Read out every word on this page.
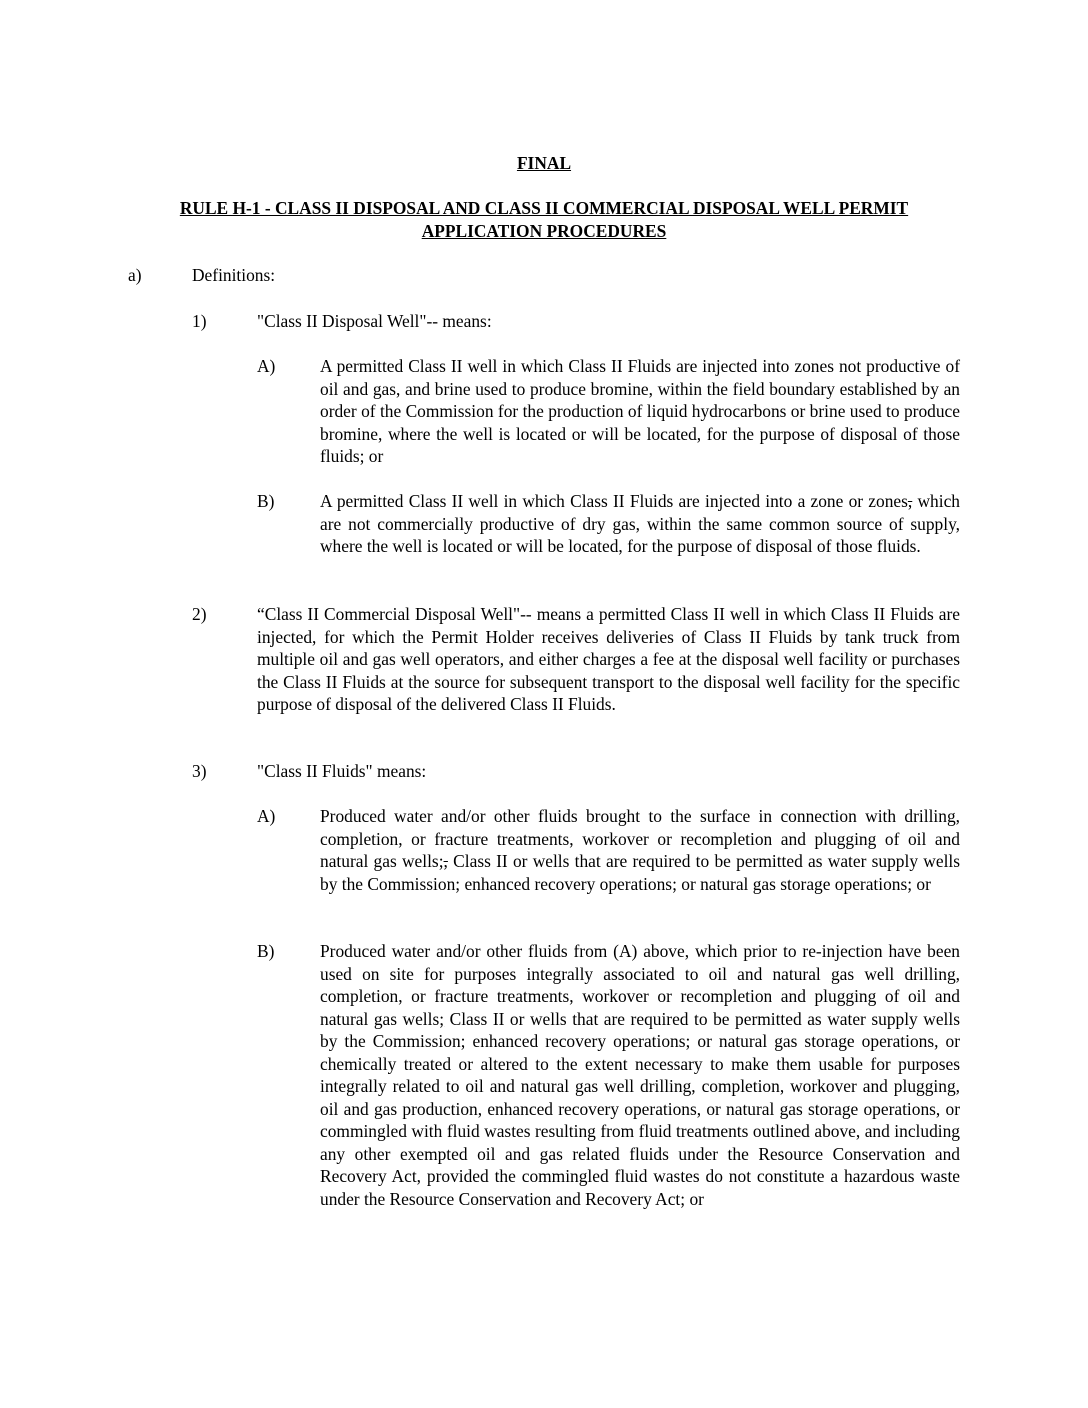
FINAL
RULE H-1 - CLASS II DISPOSAL AND CLASS II COMMERCIAL DISPOSAL WELL PERMIT APPLICATION PROCEDURES
a)	Definitions:
1)	"Class II Disposal Well"-- means:
A)	A permitted Class II well in which Class II Fluids are injected into zones not productive of oil and gas, and brine used to produce bromine, within the field boundary established by an order of the Commission for the production of liquid hydrocarbons or brine used to produce bromine, where the well is located or will be located, for the purpose of disposal of those fluids; or
B)	A permitted Class II well in which Class II Fluids are injected into a zone or zones, which are not commercially productive of dry gas, within the same common source of supply, where the well is located or will be located, for the purpose of disposal of those fluids.
2)	“Class II Commercial Disposal Well"-- means a permitted Class II well in which Class II Fluids are injected, for which the Permit Holder receives deliveries of Class II Fluids by tank truck from multiple oil and gas well operators, and either charges a fee at the disposal well facility or purchases the Class II Fluids at the source for subsequent transport to the disposal well facility for the specific purpose of disposal of the delivered Class II Fluids.
3)	"Class II Fluids" means:
A)	Produced water and/or other fluids brought to the surface in connection with drilling, completion, or fracture treatments, workover or recompletion and plugging of oil and natural gas wells;, Class II or wells that are required to be permitted as water supply wells by the Commission; enhanced recovery operations; or natural gas storage operations; or
B)	Produced water and/or other fluids from (A) above, which prior to re-injection have been used on site for purposes integrally associated to oil and natural gas well drilling, completion, or fracture treatments, workover or recompletion and plugging of oil and natural gas wells; Class II or wells that are required to be permitted as water supply wells by the Commission; enhanced recovery operations; or natural gas storage operations, or chemically treated or altered to the extent necessary to make them usable for purposes integrally related to oil and natural gas well drilling, completion, workover and plugging, oil and gas production, enhanced recovery operations, or natural gas storage operations, or commingled with fluid wastes resulting from fluid treatments outlined above, and including any other exempted oil and gas related fluids under the Resource Conservation and Recovery Act, provided the commingled fluid wastes do not constitute a hazardous waste under the Resource Conservation and Recovery Act; or
